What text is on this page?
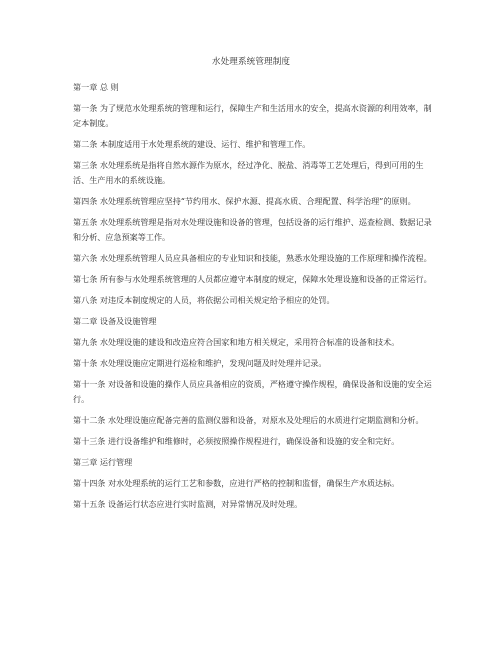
水处理系统管理制度

第一章 总 则

第一条 为了规范水处理系统的管理和运行，保障生产和生活用水的安全，提高水资源的利用效率，制定本制度。

第二条 本制度适用于水处理系统的建设、运行、维护和管理工作。

第三条 水处理系统是指将自然水源作为原水，经过净化、脱盐、消毒等工艺处理后，得到可用的生活、生产用水的系统设施。

第四条 水处理系统管理应坚持“节约用水、保护水源、提高水质、合理配置、科学治理”的原则。

第五条 水处理系统管理是指对水处理设施和设备的管理，包括设备的运行维护、巡查检测、数据记录和分析、应急预案等工作。

第六条 水处理系统管理人员应具备相应的专业知识和技能，熟悉水处理设施的工作原理和操作流程。

第七条 所有参与水处理系统管理的人员都应遵守本制度的规定，保障水处理设施和设备的正常运行。

第八条 对违反本制度规定的人员，将依据公司相关规定给予相应的处罚。

第二章 设备及设施管理

第九条 水处理设施的建设和改造应符合国家和地方相关规定，采用符合标准的设备和技术。

第十条 水处理设施应定期进行巡检和维护，发现问题及时处理并记录。

第十一条 对设备和设施的操作人员应具备相应的资质，严格遵守操作规程，确保设备和设施的安全运行。

第十二条 水处理设施应配备完善的监测仪器和设备，对原水及处理后的水质进行定期监测和分析。

第十三条 进行设备维护和维修时，必须按照操作规程进行，确保设备和设施的安全和完好。

第三章 运行管理

第十四条 对水处理系统的运行工艺和参数，应进行严格的控制和监督，确保生产水质达标。

第十五条 设备运行状态应进行实时监测，对异常情况及时处理。
